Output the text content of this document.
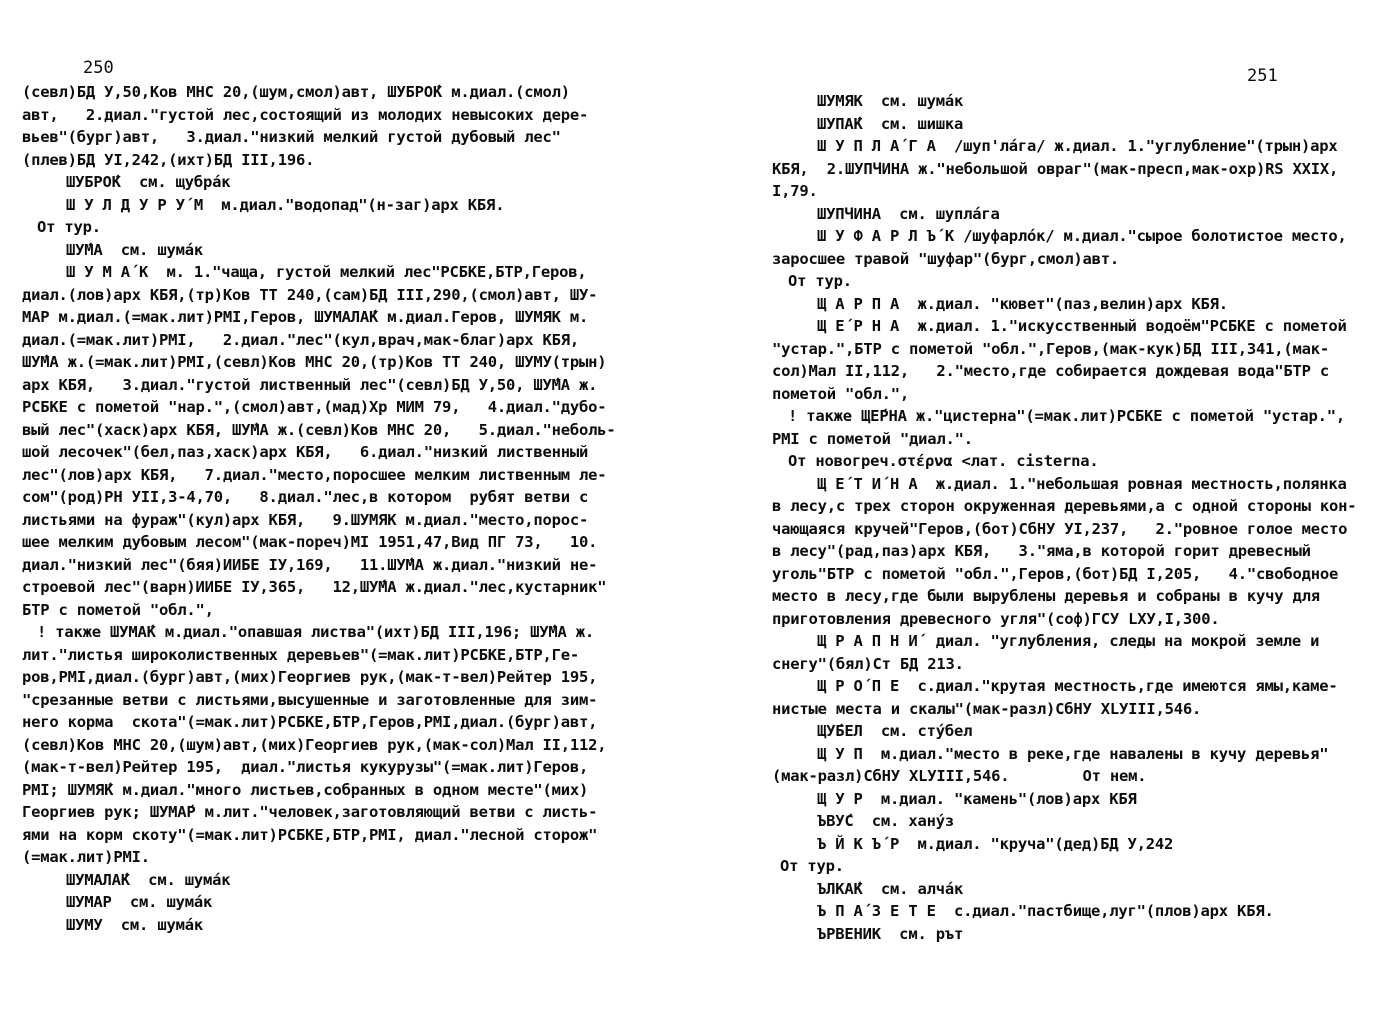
250
(севл)БД У,50,Ков МНС 20,(шум,смол)авт, ШУБРО́К м.диал.(смол)
авт,   2.диал."густой лес,состоящий из молодих невысоких дере-
вьев"(бург)авт,   3.диал."низкий мелкий густой дубовый лес"
(плев)БД УI,242,(ихт)БД III,196.
ШУБРО́К  см. щубра́к
Ш У Л Д У Р У́ М  м.диал."водопад"(н-заг)арх КБЯ.
От тур.
ШУ́МА  см. шума́к
Ш У М А́ К  м. 1."чаща, густой мелкий лес"РСБКЕ,БТР,Геров,
диал.(лов)арх КБЯ,(тр)Ков ТТ 240,(сам)БД III,290,(смол)авт, ШУ-
МАР м.диал.(=мак.лит)РМI,Геров, ШУМАЛА́К м.диал.Геров, ШУМЯК м.
диал.(=мак.лит)РМI,   2.диал."лес"(кул,врач,мак-благ)арх КБЯ,
ШУ́МА ж.(=мак.лит)РМI,(севл)Ков МНС 20,(тр)Ков ТТ 240, ШУМУ(трын)
арх КБЯ,   3.диал."густой лиственный лес"(севл)БД У,50, ШУ́МА ж.
РСБКЕ с пометой "нар.",(смол)авт,(мад)Хр МИМ 79,   4.диал."дубо-
вый лес"(хаск)арх КБЯ, ШУ́МА ж.(севл)Ков МНС 20,   5.диал."неболь-
шой лесочек"(бел,паз,хаск)арх КБЯ,   6.диал."низкий лиственный
лес"(лов)арх КБЯ,   7.диал."место,поросшее мелким лиственным ле-
сом"(род)РН УII,3-4,70,   8.диал."лес,в котором  рубят ветви с
листьями на фураж"(кул)арх КБЯ,   9.ШУМЯК м.диал."место,порос-
шее мелким дубовым лесом"(мак-пореч)МI 1951,47,Вид ПГ 73,   10.
диал."низкий лес"(бяя)ИИБЕ IУ,169,   11.ШУ́МА ж.диал."низкий не-
строевой лес"(варн)ИИБЕ IУ,365,   12,ШУ́МА ж.диал."лес,кустарник"
БТР с пометой "обл.",
! также ШУМА́К м.диал."опавшая листва"(ихт)БД III,196; ШУ́МА ж.
лит."листья широколиственных деревьев"(=мак.лит)РСБКЕ,БТР,Ге-
ров,РМI,диал.(бург)авт,(мих)Георгиев рук,(мак-т-вел)Рейтер 195,
"срезанные ветви с листьями,высушенные и заготовленные для зим-
него корма  скота"(=мак.лит)РСБКЕ,БТР,Геров,РМI,диал.(бург)авт,
(севл)Ков МНС 20,(шум)авт,(мих)Георгиев рук,(мак-сол)Мал II,112,
(мак-т-вел)Рейтер 195,  диал."листья кукурузы"(=мак.лит)Геров,
РМI; ШУМЯ́К м.диал."много листьев,собранных в одном месте"(мих)
Георгиев рук; ШУМА́Р м.лит."человек,заготовляющий ветви с листь-
ями на корм скоту"(=мак.лит)РСБКЕ,БТР,РМI, диал."лесной сторож"
(=мак.лит)РМI.
ШУМАЛА́К  см. шума́к
ШУМАР  см. шума́к
ШУМУ  см. шума́к
251
ШУМЯК  см. шума́к
ШУПА́К  см. шишка
Ш У П Л А́ Г А  /шуп'ла́га/ ж.диал. 1."углубление"(трын)арх
КБЯ,  2.ШУПЧИНА ж."небольшой овраг"(мак-пресп,мак-охр)RS XXIX,
I,79.
ШУПЧИНА  см. шупла́га
Ш У Ф А Р Л Ъ́ К /шуфарло́к/ м.диал."сырое болотистое место,
заросшее травой "шуфар"(бург,смол)авт.
От тур.
Щ А Р П А  ж.диал. "кювет"(паз,велин)арх КБЯ.
Щ Е́ Р Н А  ж.диал. 1."искусственный водоём"РСБКЕ с пометой
"устар.",БТР с пометой "обл.",Геров,(мак-кук)БД III,341,(мак-
сол)Мал II,112,   2."место,где собирается дождевая вода"БТР с
пометой "обл.",
! также ЩЕ́РНА ж."цистерна"(=мак.лит)РСБКЕ с пометой "устар.",
РМI с пометой "диал.".
От новогреч.στέρνα <лат. cisterna.
Щ Е́ Т И́ Н А  ж.диал. 1."небольшая ровная местность,полянка
в лесу,с трех сторон окруженная деревьями,а с одной стороны кон-
чающаяся кручей"Геров,(бот)СбНУ УI,237,   2."ровное голое место
в лесу"(рад,паз)арх КБЯ,   3."яма,в которой горит древесный
уголь"БТР с пометой "обл.",Геров,(бот)БД I,205,   4."свободное
место в лесу,где были вырублены деревья и собраны в кучу для
приготовления древесного угля"(соф)ГСУ LXУ,I,300.
Щ Р А П Н И́  диал. "углубления, следы на мокрой земле и
снегу"(бял)Ст БД 213.
Щ Р О́ П Е  с.диал."крутая местность,где имеются ямы,каме-
нистые места и скалы"(мак-разл)СбНУ XLУIII,546.
ЩУ́БЕЛ  см. сту́бел
Щ У П  м.диал."место в реке,где навалены в кучу деревья"
(мак-разл)СбНУ XLУIII,546.        От нем.
Щ У Р  м.диал. "камень"(лов)арх КБЯ
ЪВУ́С  см. хану́з
Ъ Й К Ъ́ Р  м.диал. "круча"(дед)БД У,242
От тур.
ЪЛКА́К  см. алча́к
Ъ П А́ З Е Т Е  с.диал."пастбище,луг"(плов)арх КБЯ.
ЪРВЕНИК  см. рът
